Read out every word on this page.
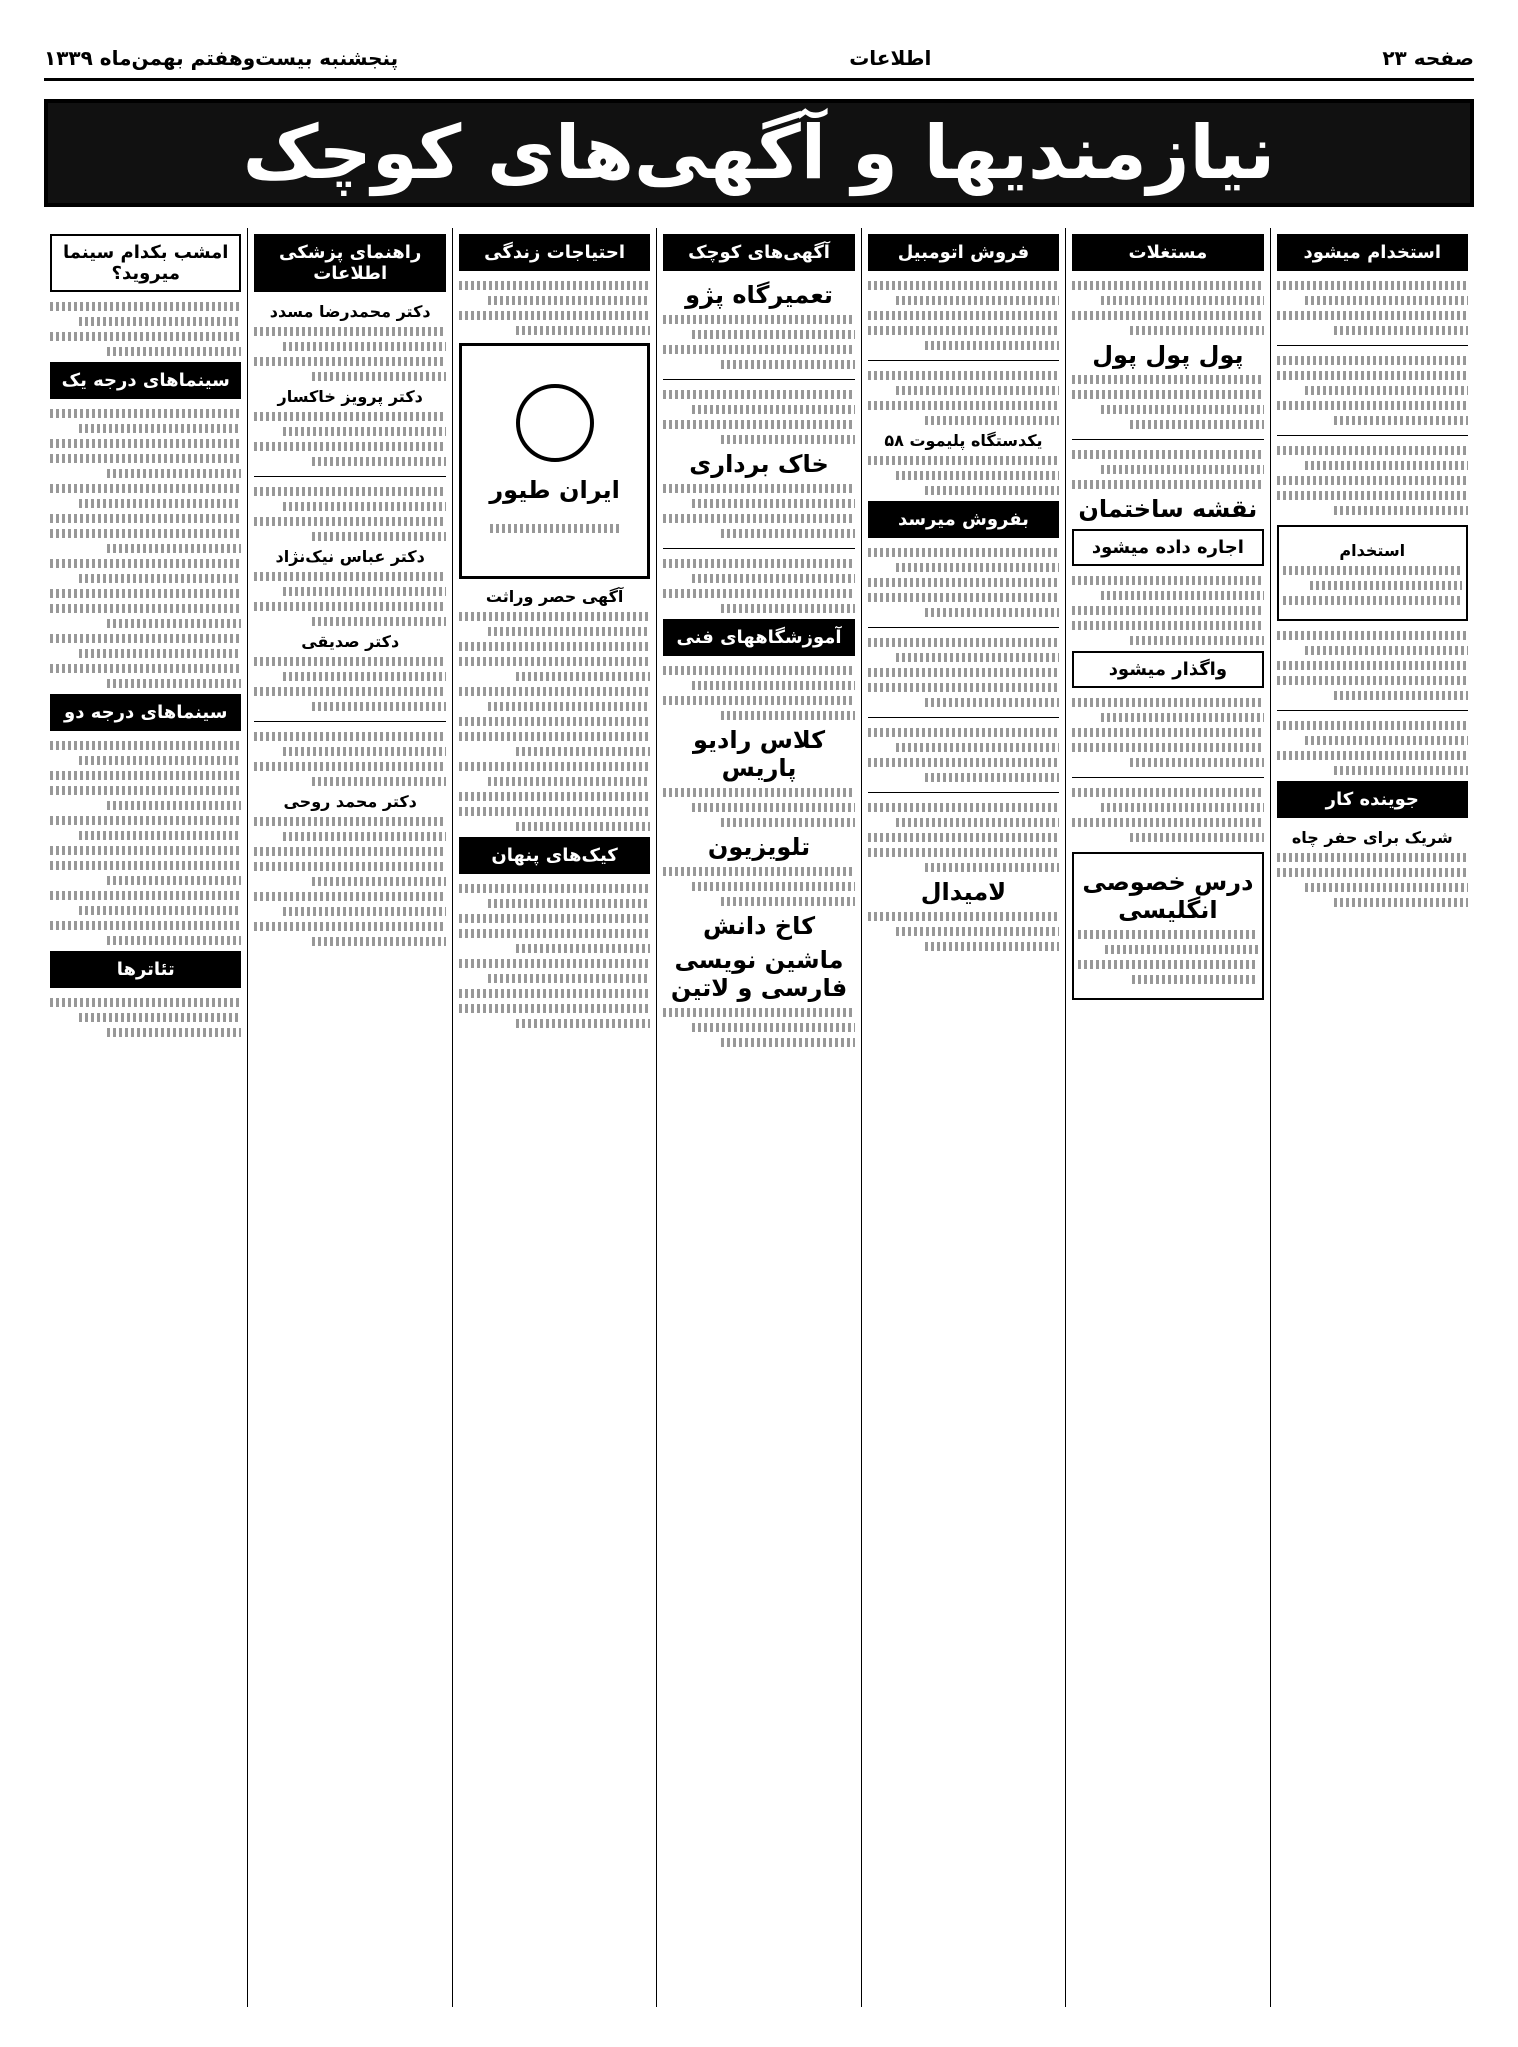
صفحه ۲۳
اطلاعات
پنجشنبه بیست‌وهفتم بهمن‌ماه ۱۳۳۹
نیازمندیها و آگهی‌های کوچک
استخدام میشود
استخدام
جوینده کار
شریک برای حفر چاه
مستغلات
پول پول پول
نقشه ساختمان
اجاره داده میشود
واگذار میشود
درس خصوصی انگلیسی
فروش اتومبیل
یکدستگاه پلیموت ۵۸
بفروش میرسد
لامیدال
آگهی‌های کوچک
تعمیرگاه پژو
خاک برداری
آموزشگاههای فنی
کلاس رادیو پاریس
تلویزیون
کاخ دانش
ماشین نویسی فارسی و لاتین
احتیاجات زندگی
ایران طیور
آگهی حصر وراثت
کیک‌های پنهان
راهنمای پزشکی اطلاعات
دکتر محمدرضا مسدد
دکتر پرویز خاکسار
دکتر عباس نیک‌نژاد
دکتر صدیقی
دکتر محمد روحی
امشب بکدام سینما میروید؟
سینماهای درجه یک
سینماهای درجه دو
تئاترها
